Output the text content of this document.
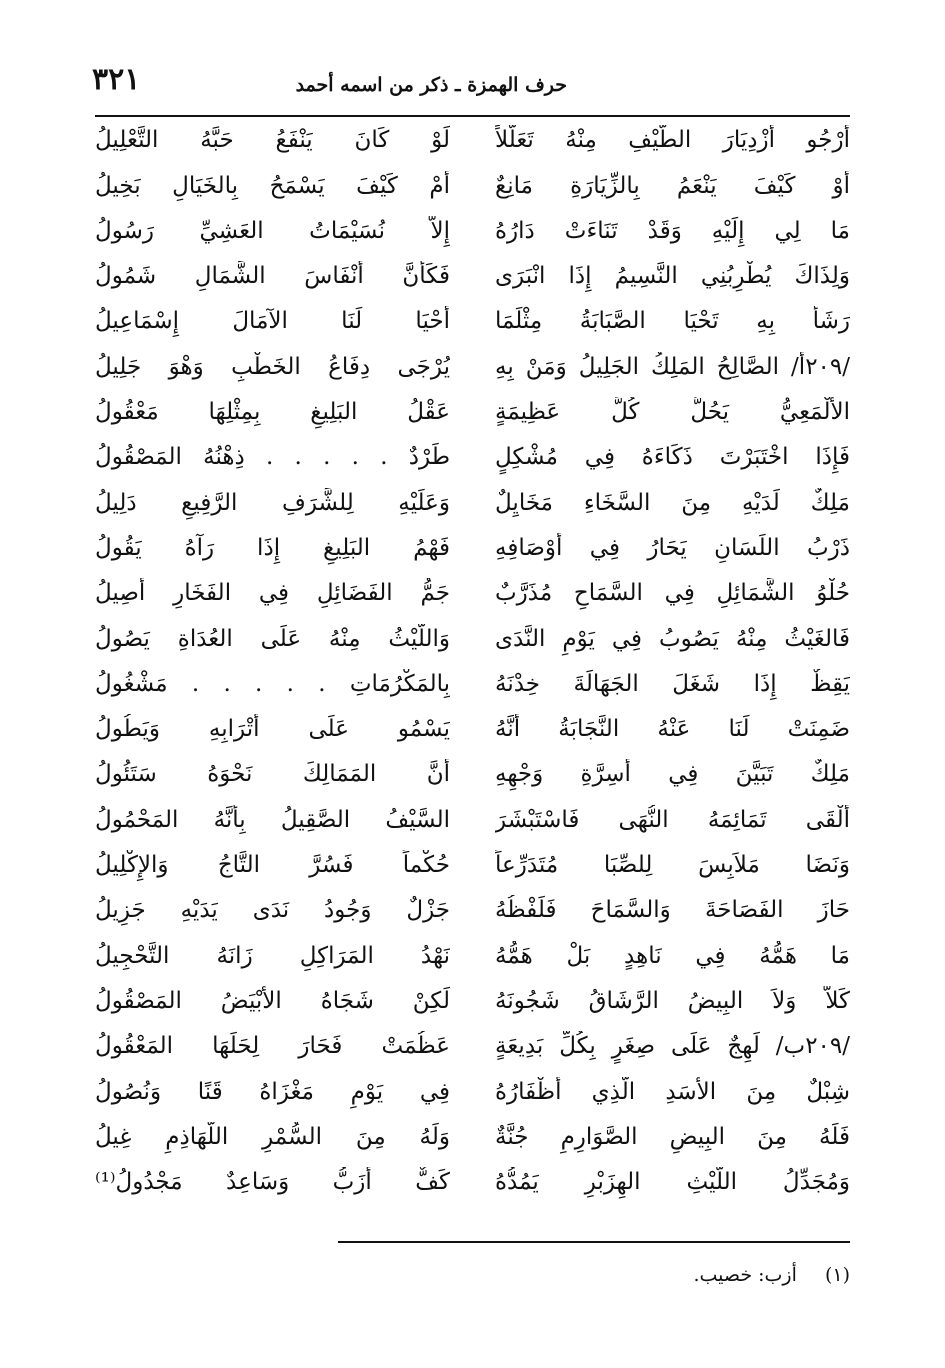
٣٢١	حرف الهمزة ـ ذكر من اسمه أحمد
أَرْجُو أَزْدِيَارَ الطَّيْفِ مِنْهُ تَعَلُّلاً
لَوْ كَانَ يَنْفَعُ حَبَّهُ التَّعْلِيلُ
أَوْ كَيْفَ يَنْعَمُ بِالزِّيَارَةِ مَانِعٌ
أَمْ كَيْفَ يَسْمَحُ بِالخَيَالِ بَخِيلُ
مَا لِي إِلَيْهِ وَقَدْ تَنَاءَتْ دَارُهُ
إِلاَّ نُسَيْمَاتُ العَشِيِّ رَسُولُ
وَلِذَاكَ يُطْرِبُنِي النَّسِيمُ إِذَا انْبَرَى
فَكَأَنَّ أَنْفَاسَ الشَّمَالِ شَمُولُ
رَشَأٌ بِهِ تَحْيَا الصَّبَابَةُ مِثْلَمَا
أَحْيَا لَنَا الآمَالَ إِسْمَاعِيلُ
/٢٠٩أ/ الصَّالِحُ المَلِكُ الجَلِيلُ وَمَنْ بِهِ
يُرْجَى دِفَاعُ الخَطْبِ وَهْوَ جَلِيلُ
الأَلْمَعِيُّ يَحُلُّ كُلَّ عَظِيمَةٍ
عَقْلُ البَلِيغِ بِمِثْلِهَا مَعْقُولُ
فَإِذَا اخْتَبَرْتَ ذَكَاءَهُ فِي مُشْكِلٍ
طَرْدٌ . . . . . ذِهْنُهُ المَصْقُولُ
مَلِكٌ لَدَيْهِ مِنَ السَّخَاءِ مَخَايِلٌ
وَعَلَيْهِ لِلشَّرَفِ الرَّفِيعِ دَلِيلُ
ذَرْبُ اللِّسَانِ يَحَارُ فِي أَوْصَافِهِ
فَهْمُ البَلِيغِ إِذَا رَآهُ يَقُولُ
حُلْوُ الشَّمَائِلِ فِي السَّمَاحِ مُذَرَّبٌ
جَمُّ الفَضَائِلِ فِي الفَخَارِ أَصِيلُ
فَالغَيْثُ مِنْهُ يَصُوبُ فِي يَوْمِ النَّدَى
وَاللَّيْثُ مِنْهُ عَلَى العُدَاةِ يَصُولُ
يَقِظٌ إِذَا شَغَلَ الجَهَالَةَ خِدْنَهُ
بِالمَكْرُمَاتِ . . . . . مَشْغُولُ
ضَمِنَتْ لَنَا عَنْهُ النَّجَابَةُ أَنَّهُ
يَسْمُو عَلَى أَتْرَابِهِ وَيَطُولُ
مَلِكٌ تَبَيَّنَ فِي أَسِرَّةِ وَجْهِهِ
أَنَّ المَمَالِكَ نَحْوَهُ سَتَئُولُ
أَلْقَى تَمَائِمَهُ النُّهَى فَاسْتَبْشَرَ
السَّيْفُ الصَّقِيلُ بِأَنَّهُ المَحْمُولُ
وَنَضَا مَلاَبِسَ لِلصِّبَا مُتَدَرِّعاً
حُكْماً فَسُرَّ التَّاجُ وَالإِكْلِيلُ
حَازَ الفَصَاحَةَ وَالسَّمَاحَ فَلَفْظُهُ
جَزْلٌ وَجُودُ نَدَى يَدَيْهِ جَزِيلُ
مَا هَمُّهُ فِي نَاهِدٍ بَلْ هَمُّهُ
نَهْدُ المَرَاكِلِ زَانَهُ التَّحْجِيلُ
كَلاَّ وَلاَ البِيضُ الرَّشَاقُ شَجُونَهُ
لَكِنْ شَجَاهُ الأَبْيَضُ المَصْقُولُ
/٢٠٩ب/ لَهِجٌ عَلَى صِغَرٍ بِكُلِّ بَدِيعَةٍ
عَظُمَتْ فَحَارَ لِحَلِّهَا المَعْقُولُ
شِبْلٌ مِنَ الأَسَدِ الَّذِي أَظْفَارُهُ
فِي يَوْمِ مَغْزَاهُ قَنًا وَنُصُولُ
فَلَهُ مِنَ البِيضِ الصَّوَارِمِ جُنَّةٌ
وَلَهُ مِنَ السُّمْرِ اللَّهَاذِمِ غِيلُ
وَمُجَدِّلُ اللَّيْثِ الهِزَبْرِ يَمُدُّهُ
كَفٌّ أَزَبُّ وَسَاعِدٌ مَجْدُولُ⁽¹⁾
(١) أزب: خصيب.
